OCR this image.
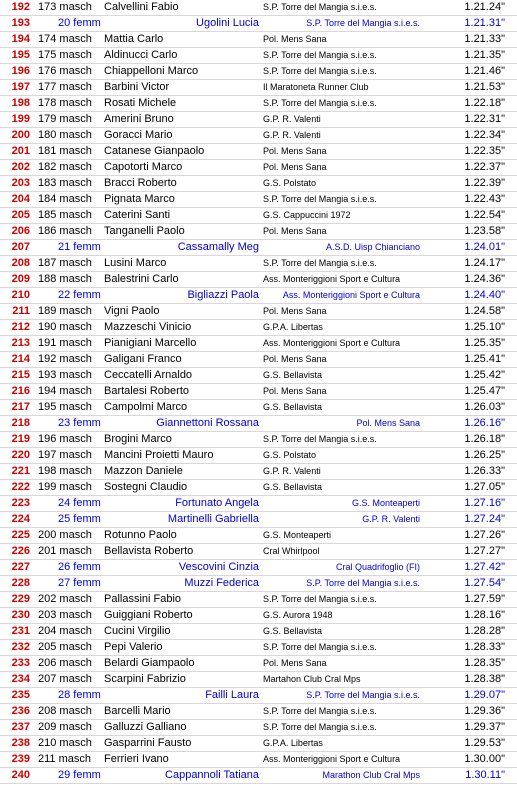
192 173 masch Calvellini Fabio	S.P. Torre del Mangia s.i.e.s.	1.21.24"
193	20 femm	Ugolini Lucia	S.P. Torre del Mangia s.i.e.s.	1.21.31"
194 174 masch Mattia Carlo	Pol. Mens Sana	1.21.33"
195 175 masch Aldinucci Carlo	S.P. Torre del Mangia s.i.e.s.	1.21.35"
196 176 masch Chiappelloni Marco	S.P. Torre del Mangia s.i.e.s.	1.21.46"
197 177 masch Barbini Victor	Il Maratoneta Runner Club	1.21.53"
198 178 masch Rosati Michele	S.P. Torre del Mangia s.i.e.s.	1.22.18"
199 179 masch Amerini Bruno	G.P. R. Valenti	1.22.31"
200 180 masch Goracci Mario	G.P. R. Valenti	1.22.34"
201 181 masch Catanese Gianpaolo	Pol. Mens Sana	1.22.35"
202 182 masch Capotorti Marco	Pol. Mens Sana	1.22.37"
203 183 masch Bracci Roberto	G.S. Polstato	1.22.39"
204 184 masch Pignata Marco	S.P. Torre del Mangia s.i.e.s.	1.22.43"
205 185 masch Caterini Santi	G.S. Cappuccini 1972	1.22.54"
206 186 masch Tanganelli Paolo	Pol. Mens Sana	1.23.58"
207	21 femm	Cassamally Meg	A.S.D. Uisp Chianciano	1.24.01"
208 187 masch Lusini Marco	S.P. Torre del Mangia s.i.e.s.	1.24.17"
209 188 masch Balestrini Carlo	Ass. Monteriggioni Sport e Cultura	1.24.36"
210	22 femm	Bigliazzi Paola	Ass. Monteriggioni Sport e Cultura	1.24.40"
211 189 masch Vigni Paolo	Pol. Mens Sana	1.24.58"
212 190 masch Mazzeschi Vinicio	G.P.A. Libertas	1.25.10"
213 191 masch Pianigiani Marcello	Ass. Monteriggioni Sport e Cultura	1.25.35"
214 192 masch Galigani Franco	Pol. Mens Sana	1.25.41"
215 193 masch Ceccatelli Arnaldo	G.S. Bellavista	1.25.42"
216 194 masch Bartalesi Roberto	Pol. Mens Sana	1.25.47"
217 195 masch Campolmi Marco	G.S. Bellavista	1.26.03"
218	23 femm	Giannettoni Rossana	Pol. Mens Sana	1.26.16"
219 196 masch Brogini Marco	S.P. Torre del Mangia s.i.e.s.	1.26.18"
220 197 masch Mancini Proietti Mauro	G.S. Polstato	1.26.25"
221 198 masch Mazzon Daniele	G.P. R. Valenti	1.26.33"
222 199 masch Sostegni Claudio	G.S. Bellavista	1.27.05"
223	24 femm	Fortunato Angela	G.S. Monteaperti	1.27.16"
224	25 femm	Martinelli Gabriella	G.P. R. Valenti	1.27.24"
225 200 masch Rotunno Paolo	G.S. Monteaperti	1.27.26"
226 201 masch Bellavista Roberto	Cral Whirlpool	1.27.27"
227	26 femm	Vescovini Cinzia	Cral Quadrifoglio (FI)	1.27.42"
228	27 femm	Muzzi Federica	S.P. Torre del Mangia s.i.e.s.	1.27.54"
229 202 masch Pallassini Fabio	S.P. Torre del Mangia s.i.e.s.	1.27.59"
230 203 masch Guiggiani Roberto	G.S. Aurora 1948	1.28.16"
231 204 masch Cucini Virgilio	G.S. Bellavista	1.28.28"
232 205 masch Pepi Valerio	S.P. Torre del Mangia s.i.e.s.	1.28.33"
233 206 masch Belardi Giampaolo	Pol. Mens Sana	1.28.35"
234 207 masch Scarpini Fabrizio	Martahon Club Cral Mps	1.28.38"
235	28 femm	Failli Laura	S.P. Torre del Mangia s.i.e.s.	1.29.07"
236 208 masch Barcelli Mario	S.P. Torre del Mangia s.i.e.s.	1.29.36"
237 209 masch Galluzzi Galliano	S.P. Torre del Mangia s.i.e.s.	1.29.37"
238 210 masch Gasparrini Fausto	G.P.A. Libertas	1.29.53"
239 211 masch Ferrieri Ivano	Ass. Monteriggioni Sport e Cultura	1.30.00"
240	29 femm	Cappannoli Tatiana	Marathon Club Cral Mps	1.30.11"
